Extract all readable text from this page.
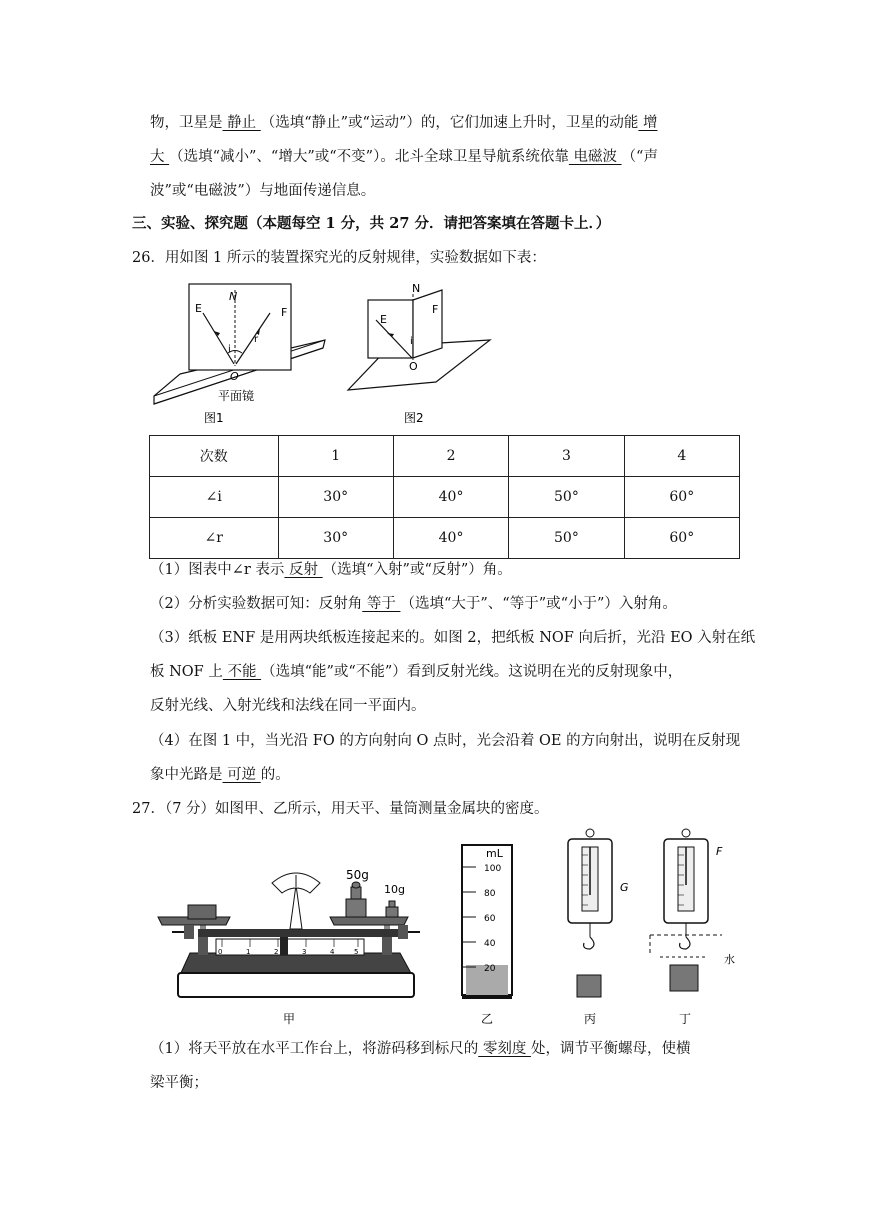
物，卫星是 静止 （选填“静止”或“运动”）的，它们加速上升时，卫星的动能 增
大 （选填“减小”、“增大”或“不变”）。北斗全球卫星导航系统依靠 电磁波 （“声
波”或“电磁波”）与地面传递信息。
三、实验、探究题（本题每空 1 分，共 27 分．请把答案填在答题卡上．）
26．用如图 1 所示的装置探究光的反射规律，实验数据如下表：
E
N
F
i
r
O
平面镜
图1
N
E
F
i
O
图2
次数	1	2	3	4
∠i	30°	40°	50°	60°
∠r	30°	40°	50°	60°
（1）图表中∠r 表示 反射 （选填“入射”或“反射”）角。
（2）分析实验数据可知：反射角 等于 （选填“大于”、“等于”或“小于”）入射角。
（3）纸板 ENF 是用两块纸板连接起来的。如图 2，把纸板 NOF 向后折，光沿 EO 入射在纸
板 NOF 上 不能 （选填“能”或“不能”）看到反射光线。这说明在光的反射现象中，
反射光线、入射光线和法线在同一平面内。
（4）在图 1 中，当光沿 FO 的方向射向 O 点时，光会沿着 OE 的方向射出，说明在反射现
象中光路是 可逆 的。
27．（7 分）如图甲、乙所示，用天平、量筒测量金属块的密度。
50g
10g
0	1	2	3	4	5
甲
mL
100
80
60
40
20
乙
G
丙
F
水
丁
（1）将天平放在水平工作台上，将游码移到标尺的 零刻度 处，调节平衡螺母，使横
梁平衡；
